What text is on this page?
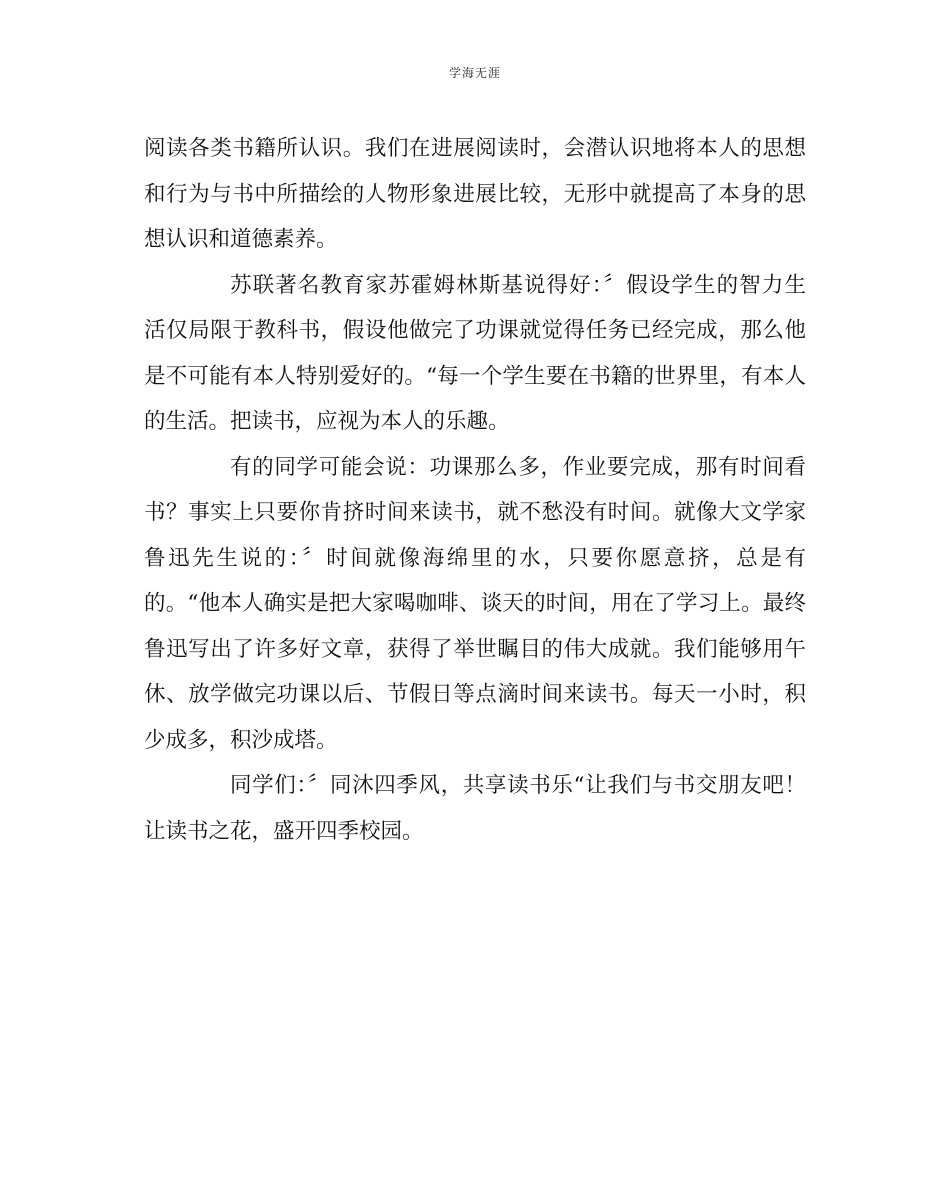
学海无涯
阅读各类书籍所认识。我们在进展阅读时，会潜认识地将本人的思想
和行为与书中所描绘的人物形象进展比较，无形中就提高了本身的思
想认识和道德素养。
苏联著名教育家苏霍姆林斯基说得好：〞假设学生的智力生
活仅局限于教科书，假设他做完了功课就觉得任务已经完成，那么他
是不可能有本人特别爱好的。“每一个学生要在书籍的世界里，有本人
的生活。把读书，应视为本人的乐趣。
有的同学可能会说：功课那么多，作业要完成，那有时间看
书？事实上只要你肯挤时间来读书，就不愁没有时间。就像大文学家
鲁迅先生说的：〞时间就像海绵里的水，只要你愿意挤，总是有
的。“他本人确实是把大家喝咖啡、谈天的时间，用在了学习上。最终
鲁迅写出了许多好文章，获得了举世瞩目的伟大成就。我们能够用午
休、放学做完功课以后、节假日等点滴时间来读书。每天一小时，积
少成多，积沙成塔。
同学们：〞同沐四季风，共享读书乐“让我们与书交朋友吧！
让读书之花，盛开四季校园。
